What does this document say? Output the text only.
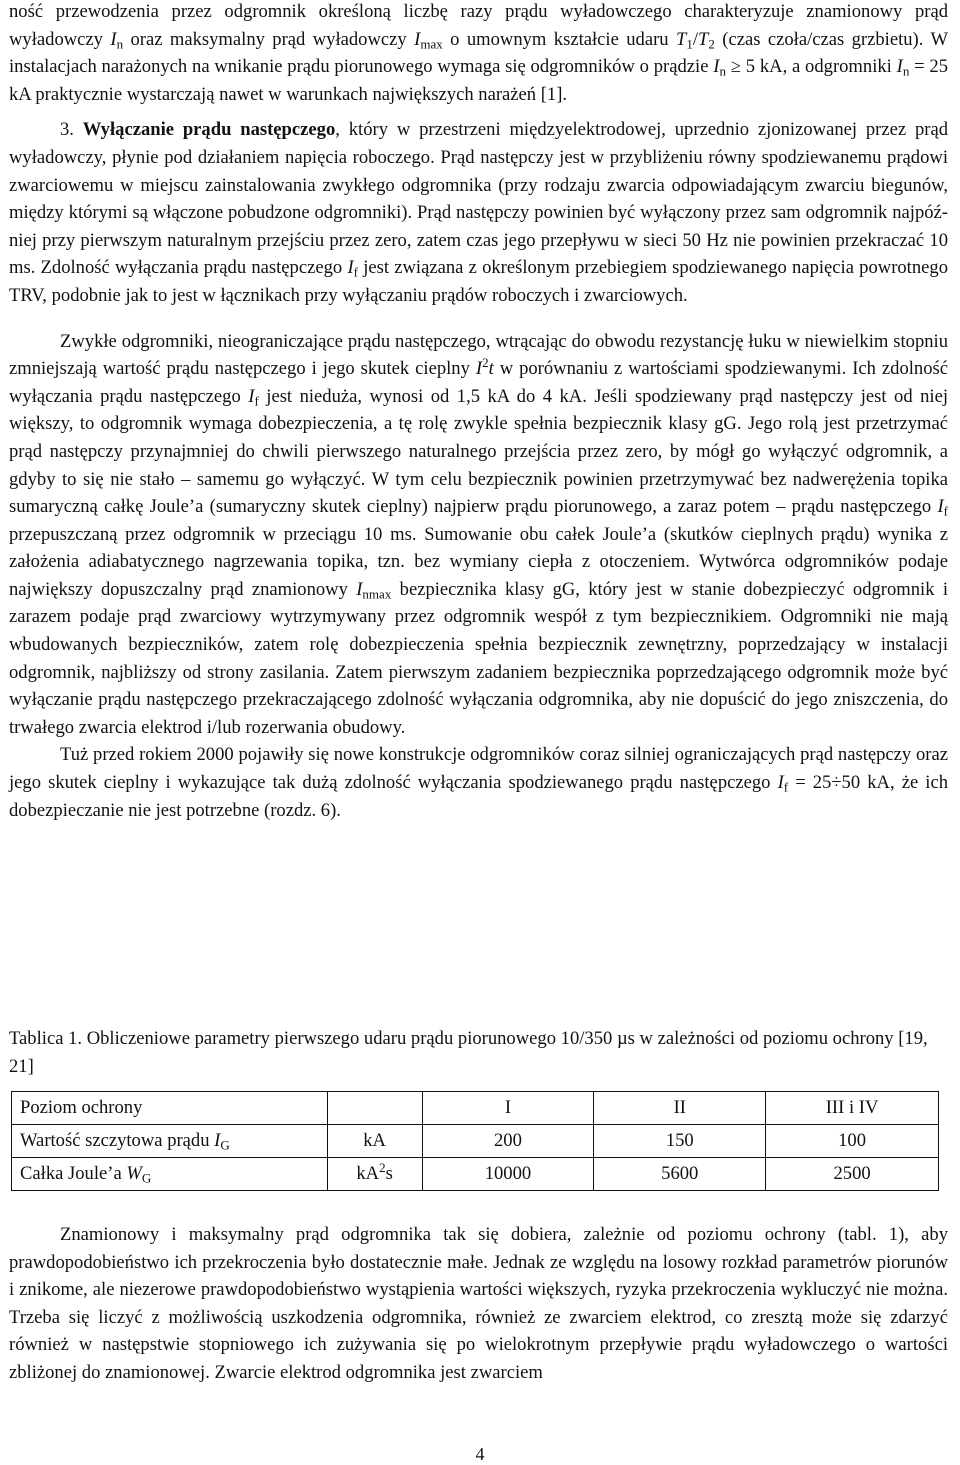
ność przewodzenia przez odgromnik określoną liczbę razy prądu wyładowczego charakteryzuje znamionowy prąd wyładowczy $I_n$ oraz maksymalny prąd wyładowczy $I_{max}$ o umownym kształcie udaru $T_1/T_2$ (czas czoła/czas grzbietu). W instalacjach narażonych na wnikanie prądu piorunowego wymaga się odgromników o prądzie $I_n \ge 5$ kA, a odgromniki $I_n = 25$ kA praktycznie wystarczają nawet w warunkach największych narażeń [1].

3. Wyłączanie prądu następczego, który w przestrzeni międzyelektrodowej, uprzednio zjonizowanej przez prąd wyładowczy, płynie pod działaniem napięcia roboczego. Prąd następczy jest w przybliżeniu równy spodziewanemu prądowi zwarciowemu w miejscu zainstalowania zwykłego odgromnika (przy rodzaju zwarcia odpowiadającym zwarciu biegunów, między którymi są włączone pobudzone odgromniki). Prąd następczy powinien być wyłączony przez sam odgromnik najpóźniej przy pierwszym naturalnym przejściu przez zero, zatem czas jego przepływu w sieci 50 Hz nie powinien przekraczać 10 ms. Zdolność wyłączania prądu następczego $I_f$ jest związana z określonym przebiegiem spodziewanego napięcia powrotnego TRV, podobnie jak to jest w łącznikach przy wyłączaniu prądów roboczych i zwarciowych.

Zwykłe odgromniki, nieograniczające prądu następczego, wtrącając do obwodu rezystancję łuku w niewielkim stopniu zmniejszają wartość prądu następczego i jego skutek cieplny $I^2t$ w porównaniu z wartościami spodziewanymi. Ich zdolność wyłączania prądu następczego $I_f$ jest nieduża, wynosi od 1,5 kA do 4 kA. Jeśli spodziewany prąd następczy jest od niej większy, to odgromnik wymaga dobezpieczenia, a tę rolę zwykle spełnia bezpiecznik klasy gG. Jego rolą jest przetrzymać prąd następczy przynajmniej do chwili pierwszego naturalnego przejścia przez zero, by mógł go wyłączyć odgromnik, a gdyby to się nie stało – samemu go wyłączyć. W tym celu bezpiecznik powinien przetrzymywać bez nadwerężenia topika sumaryczną całkę Joule’a (sumaryczny skutek cieplny) najpierw prądu piorunowego, a zaraz potem – prądu następczego $I_f$ przepuszczaną przez odgromnik w przeciągu 10 ms. Sumowanie obu całek Joule’a (skutków cieplnych prądu) wynika z założenia adiabatycznego nagrzewania topika, tzn. bez wymiany ciepła z otoczeniem. Wytwórca odgromników podaje największy dopuszczalny prąd znamionowy $I_{nmax}$ bezpiecznika klasy gG, który jest w stanie dobezpieczyć odgromnik i zarazem podaje prąd zwarciowy wytrzymywany przez odgromnik wespół z tym bezpiecznikiem. Odgromniki nie mają wbudowanych bezpieczników, zatem rolę dobezpieczenia spełnia bezpiecznik zewnętrzny, poprzedzający w instalacji odgromnik, najbliższy od strony zasilania. Zatem pierwszym zadaniem bezpiecznika poprzedzającego odgromnik może być wyłączanie prądu następczego przekraczającego zdolność wyłączania odgromnika, aby nie dopuścić do jego zniszczenia, do trwałego zwarcia elektrod i/lub rozerwania obudowy.

Tuż przed rokiem 2000 pojawiły się nowe konstrukcje odgromników coraz silniej ograniczających prąd następczy oraz jego skutek cieplny i wykazujące tak dużą zdolność wyłączania spodziewanego prądu następczego $I_f = 25\div 50$ kA, że ich dobezpieczanie nie jest potrzebne (rozdz. 6).

Tablica 1. Obliczeniowe parametry pierwszego udaru prądu piorunowego 10/350 µs w zależności od poziomu ochrony [19, 21]

Poziom ochrony		I	II	III i IV
Wartość szczytowa prądu $I_G$	kA	200	150	100
Całka Joule’a $W_G$	$kA^2s$	10000	5600	2500

Znamionowy i maksymalny prąd odgromnika tak się dobiera, zależnie od poziomu ochrony (tabl. 1), aby prawdopodobieństwo ich przekroczenia było dostatecznie małe. Jednak ze względu na losowy rozkład parametrów piorunów i znikome, ale niezerowe prawdopodobieństwo wystąpienia wartości większych, ryzyka przekroczenia wykluczyć nie można. Trzeba się liczyć z możliwością uszkodzenia odgromnika, również ze zwarciem elektrod, co zresztą może się zdarzyć również w następstwie stopniowego ich zużywania się po wielokrotnym przepływie prądu wyładowczego o wartości zbliżonej do znamionowej. Zwarcie elektrod odgromnika jest zwarciem

4
